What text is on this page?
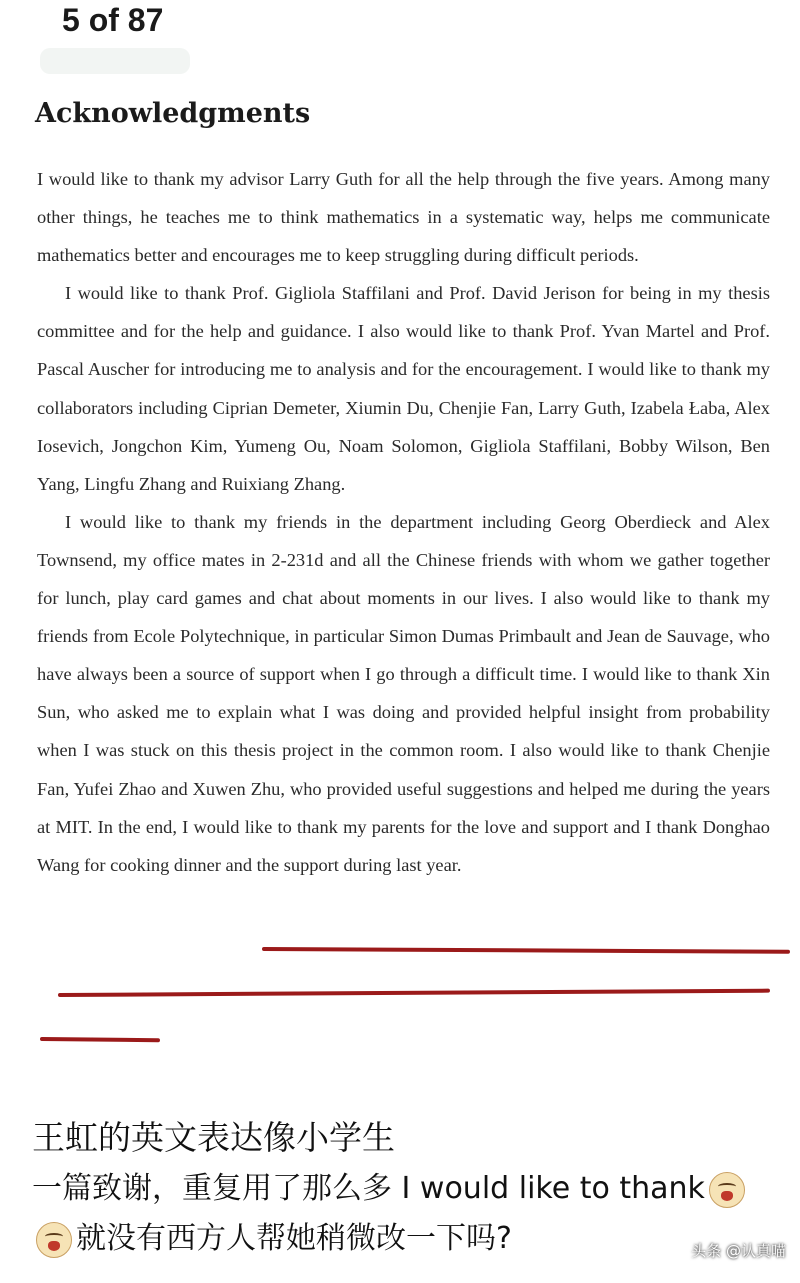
5 of 87
Acknowledgments

I would like to thank my advisor Larry Guth for all the help through the five years. Among many other things, he teaches me to think mathematics in a systematic way, helps me communicate mathematics better and encourages me to keep struggling during difficult periods.

I would like to thank Prof. Gigliola Staffilani and Prof. David Jerison for being in my thesis committee and for the help and guidance. I also would like to thank Prof. Yvan Martel and Prof. Pascal Auscher for introducing me to analysis and for the encouragement. I would like to thank my collaborators including Ciprian Demeter, Xiumin Du, Chenjie Fan, Larry Guth, Izabela Łaba, Alex Iosevich, Jongchon Kim, Yumeng Ou, Noam Solomon, Gigliola Staffilani, Bobby Wilson, Ben Yang, Lingfu Zhang and Ruixiang Zhang.

I would like to thank my friends in the department including Georg Oberdieck and Alex Townsend, my office mates in 2-231d and all the Chinese friends with whom we gather together for lunch, play card games and chat about moments in our lives. I also would like to thank my friends from Ecole Polytechnique, in particular Simon Dumas Primbault and Jean de Sauvage, who have always been a source of support when I go through a difficult time. I would like to thank Xin Sun, who asked me to explain what I was doing and provided helpful insight from probability when I was stuck on this thesis project in the common room. I also would like to thank Chenjie Fan, Yufei Zhao and Xuwen Zhu, who provided useful suggestions and helped me during the years at MIT. In the end, I would like to thank my parents for the love and support and I thank Donghao Wang for cooking dinner and the support during last year.

王虹的英文表达像小学生

一篇致谢，重复用了那么多 I would like to thank

就没有西方人帮她稍微改一下吗?	头条 @认真喵
